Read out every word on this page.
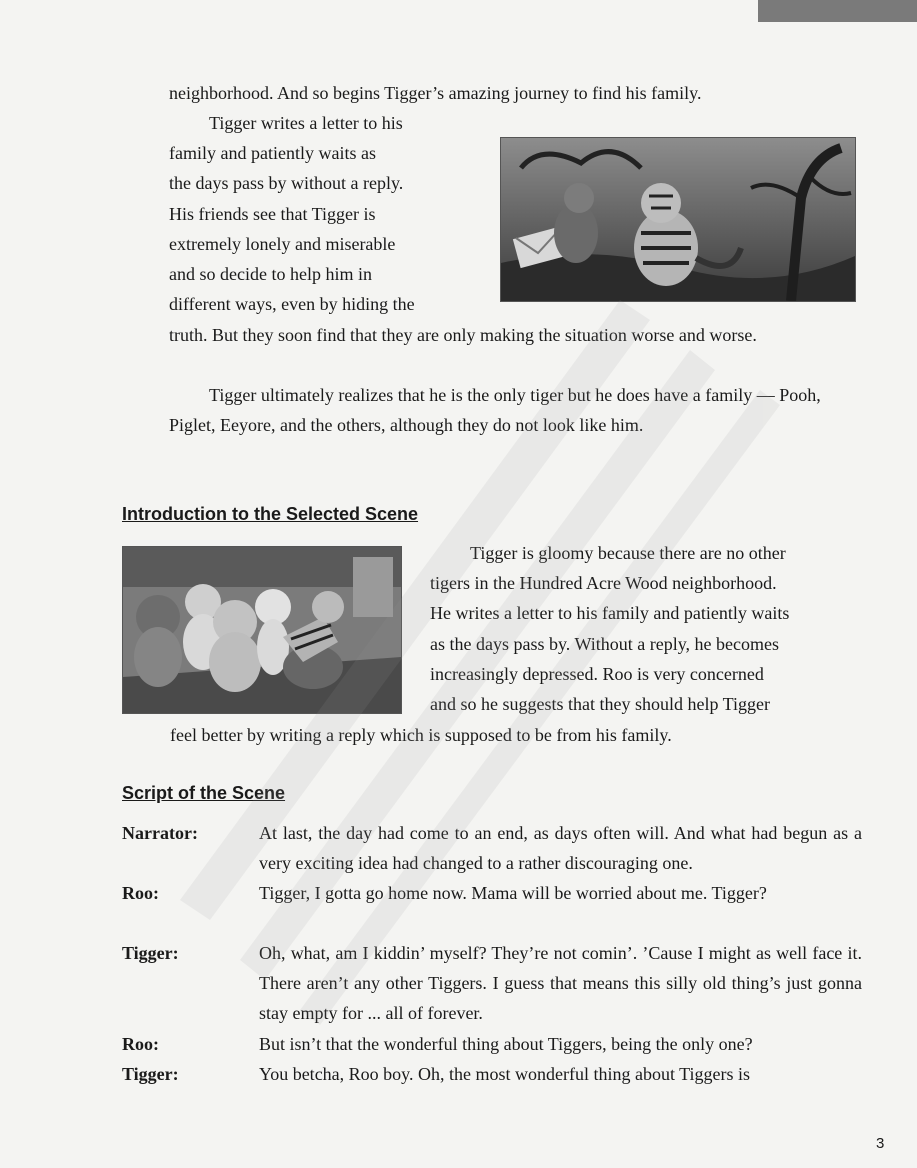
neighborhood. And so begins Tigger’s amazing journey to find his family.

Tigger writes a letter to his
family and patiently waits as
the days pass by without a reply.
His friends see that Tigger is
extremely lonely and miserable
and so decide to help him in
different ways, even by hiding the

truth. But they soon find that they are only making the situation worse and worse.

Tigger ultimately realizes that he is the only tiger but he does have a family — Pooh, Piglet, Eeyore, and the others, although they do not look like him.

Introduction to the Selected Scene
Tigger is gloomy because there are no other
tigers in the Hundred Acre Wood neighborhood.
He writes a letter to his family and patiently waits
as the days pass by. Without a reply, he becomes
increasingly depressed. Roo is very concerned
and so he suggests that they should help Tigger

feel better by writing a reply which is supposed to be from his family.

Script of the Scene
Narrator:	At last, the day had come to an end, as days often will. And what had begun as a very exciting idea had changed to a rather discouraging one.
Roo:	Tigger, I gotta go home now. Mama will be worried about me. Tigger?
Tigger:	Oh, what, am I kiddin’ myself? They’re not comin’. ’Cause I might as well face it. There aren’t any other Tiggers. I guess that means this silly old thing’s just gonna stay empty for ... all of forever.
Roo:	But isn’t that the wonderful thing about Tiggers, being the only one?
Tigger:	You betcha, Roo boy. Oh, the most wonderful thing about Tiggers is
3
